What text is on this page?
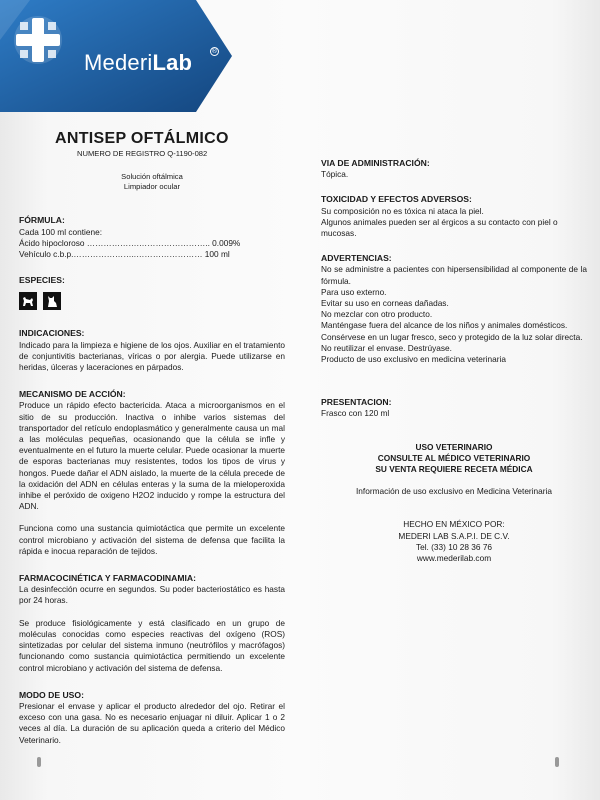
MederiLab	®
ANTISEP OFTÁLMICO
NUMERO DE REGISTRO Q-1190-082
Solución oftálmica
Limpiador ocular

FÓRMULA:

Cada 100 ml contiene:

Ácido hipocloroso ……………….…………………….. 0.009%

Vehículo c.b.p.…………………..…………………… 100 ml

ESPECIES:

INDICACIONES:

Indicado para la limpieza e higiene de los ojos. Auxiliar en el tratamiento de conjuntivitis bacterianas, víricas o por alergia. Puede utilizarse en heridas, úlceras y laceraciones en párpados.

MECANISMO DE ACCIÓN:

Produce un rápido efecto bactericida. Ataca a microorganismos en el sitio de su producción. Inactiva o inhibe varios sistemas del transportador del retículo endoplasmático y generalmente causa un mal a las moléculas pequeñas, ocasionando que la célula se infle y eventualmente en el futuro la muerte celular. Puede ocasionar la muerte de esporas bacterianas muy resistentes, todos los tipos de virus y hongos. Puede dañar el ADN aislado, la muerte de la célula precede de la oxidación del ADN en células enteras y la suma de la mieloperoxida inhibe el peróxido de oxigeno H2O2 inducido y rompe la estructura del ADN.

Funciona como una sustancia quimiotáctica que permite un excelente control microbiano y activación del sistema de defensa que facilita la rápida e inocua reparación de tejidos.

FARMACOCINÉTICA Y FARMACODINAMIA:

La desinfección ocurre en segundos. Su poder bacteriostático es hasta por 24 horas.

Se produce fisiológicamente y está clasificado en un grupo de moléculas conocidas como especies reactivas del oxígeno (ROS) sintetizadas por celular del sistema inmuno (neutrófilos y macrófagos) funcionando como sustancia quimiotáctica permitiendo un excelente control microbiano y activación del sistema de defensa.

MODO DE USO:

Presionar el envase y aplicar el producto alrededor del ojo. Retirar el exceso con una gasa. No es necesario enjuagar ni diluir. Aplicar 1 o 2 veces al día. La duración de su aplicación queda a criterio del Médico Veterinario.

VIA DE ADMINISTRACIÓN:

Tópica.

TOXICIDAD Y EFECTOS ADVERSOS:

Su composición no es tóxica ni ataca la piel.

Algunos animales pueden ser al érgicos a su contacto con piel o mucosas.

ADVERTENCIAS:

No se administre a pacientes con hipersensibilidad al componente de la fórmula.

Para uso externo.

Evitar su uso en corneas dañadas.

No mezclar con otro producto.

Manténgase fuera del alcance de los niños y animales domésticos.

Consérvese en un lugar fresco, seco y protegido de la luz solar directa.

No reutilizar el envase. Destrúyase.

Producto de uso exclusivo en medicina veterinaria

PRESENTACION:

Frasco con 120 ml

USO VETERINARIO

CONSULTE AL MÉDICO VETERINARIO

SU VENTA REQUIERE RECETA MÉDICA

Información de uso exclusivo en Medicina Veterinaria

HECHO EN MÉXICO POR:

MEDERI LAB S.A.P.I. DE C.V.

Tel. (33) 10 28 36 76

www.mederilab.com
